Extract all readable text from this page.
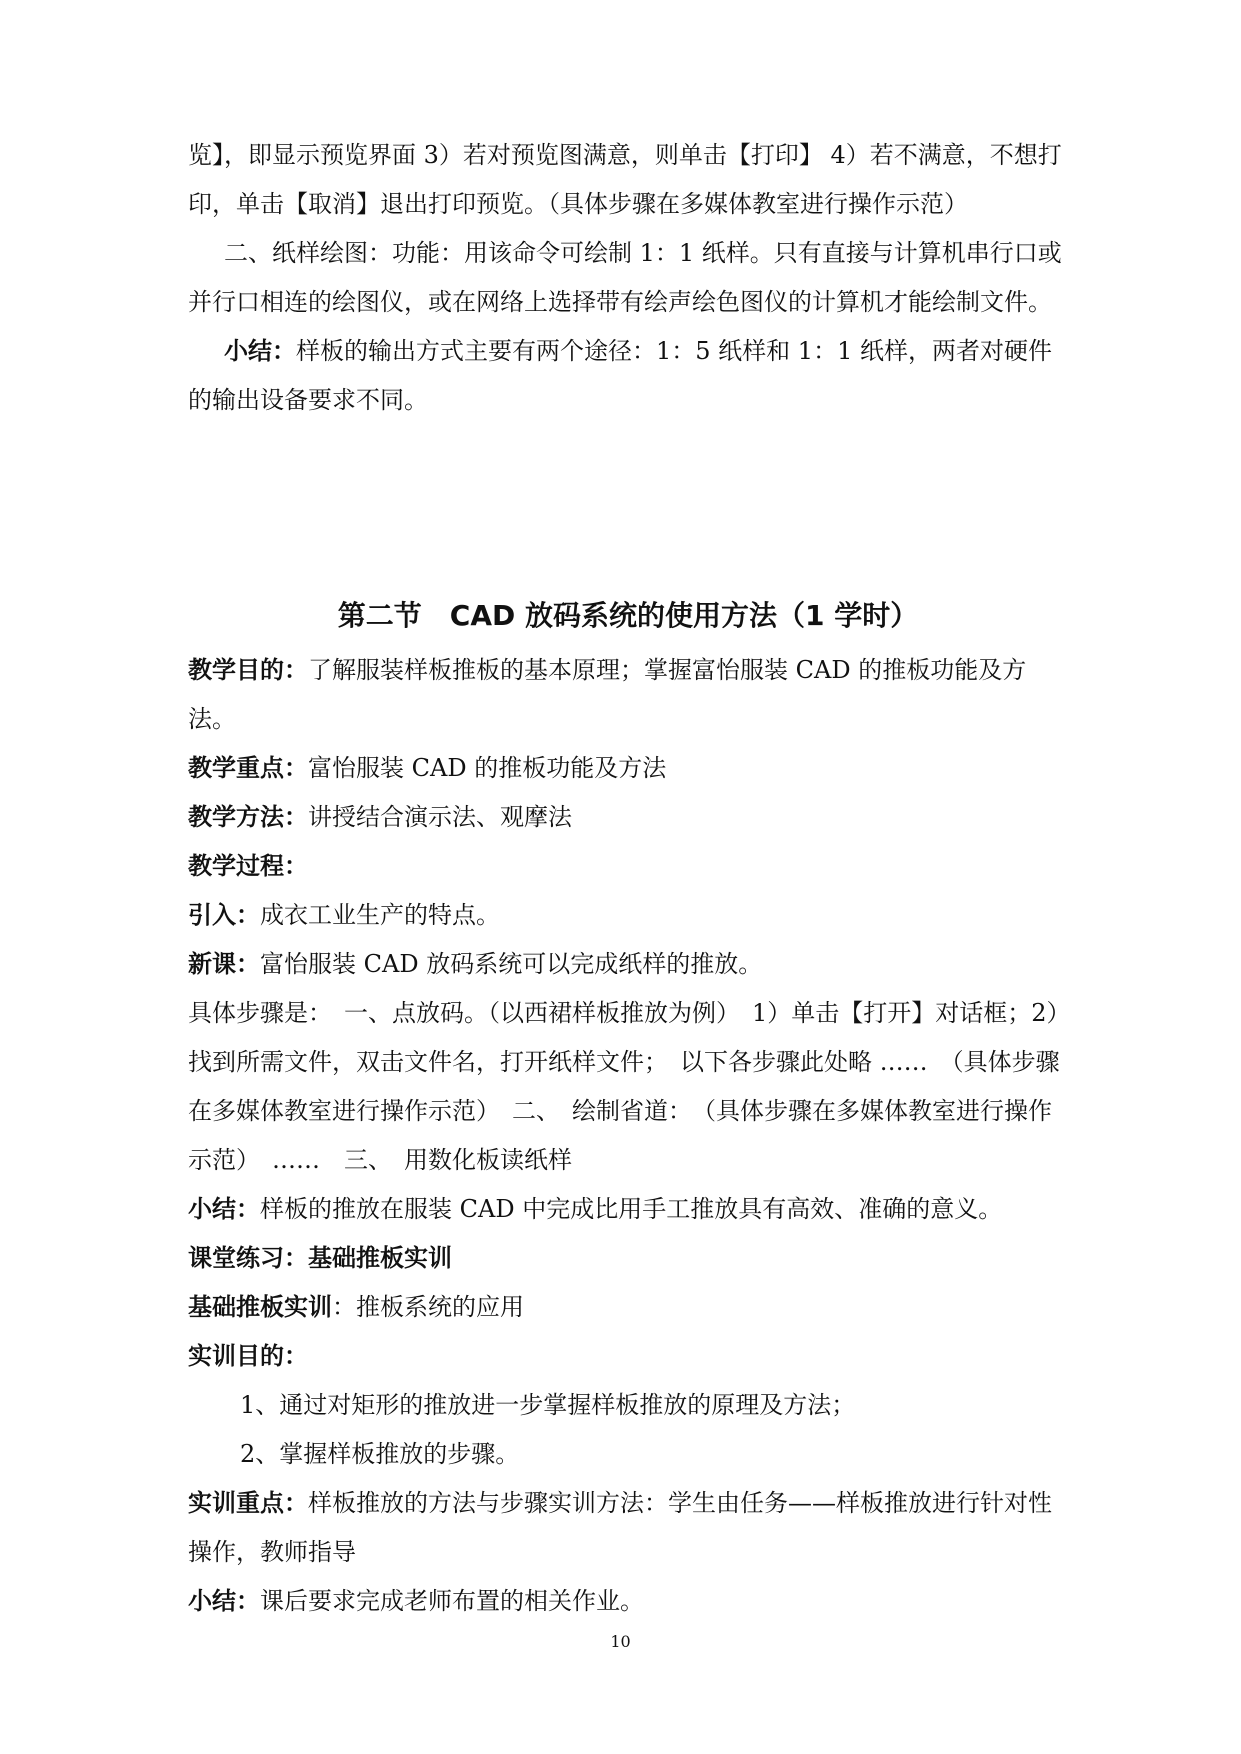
览】，即显示预览界面 3）若对预览图满意，则单击【打印】 4）若不满意，不想打印，单击【取消】退出打印预览。（具体步骤在多媒体教室进行操作示范）
二、纸样绘图：功能：用该命令可绘制 1：1 纸样。只有直接与计算机串行口或并行口相连的绘图仪，或在网络上选择带有绘声绘色图仪的计算机才能绘制文件。
小结：样板的输出方式主要有两个途径：1：5 纸样和 1：1 纸样，两者对硬件的输出设备要求不同。
第二节　CAD 放码系统的使用方法（1 学时）
教学目的：了解服装样板推板的基本原理；掌握富怡服装 CAD 的推板功能及方法。
教学重点：富怡服装 CAD 的推板功能及方法
教学方法：讲授结合演示法、观摩法
教学过程：
引入：成衣工业生产的特点。
新课：富怡服装 CAD 放码系统可以完成纸样的推放。
具体步骤是：　一、点放码。（以西裙样板推放为例）　1）单击【打开】对话框；2）找到所需文件，双击文件名，打开纸样文件；　以下各步骤此处略 ……　（具体步骤在多媒体教室进行操作示范）　二、　绘制省道：　（具体步骤在多媒体教室进行操作示范）　……　三、　用数化板读纸样
小结：样板的推放在服装 CAD 中完成比用手工推放具有高效、准确的意义。
课堂练习：基础推板实训
基础推板实训：推板系统的应用
实训目的：
1、通过对矩形的推放进一步掌握样板推放的原理及方法；
2、掌握样板推放的步骤。
实训重点：样板推放的方法与步骤实训方法：学生由任务——样板推放进行针对性操作，教师指导
小结：课后要求完成老师布置的相关作业。
10
